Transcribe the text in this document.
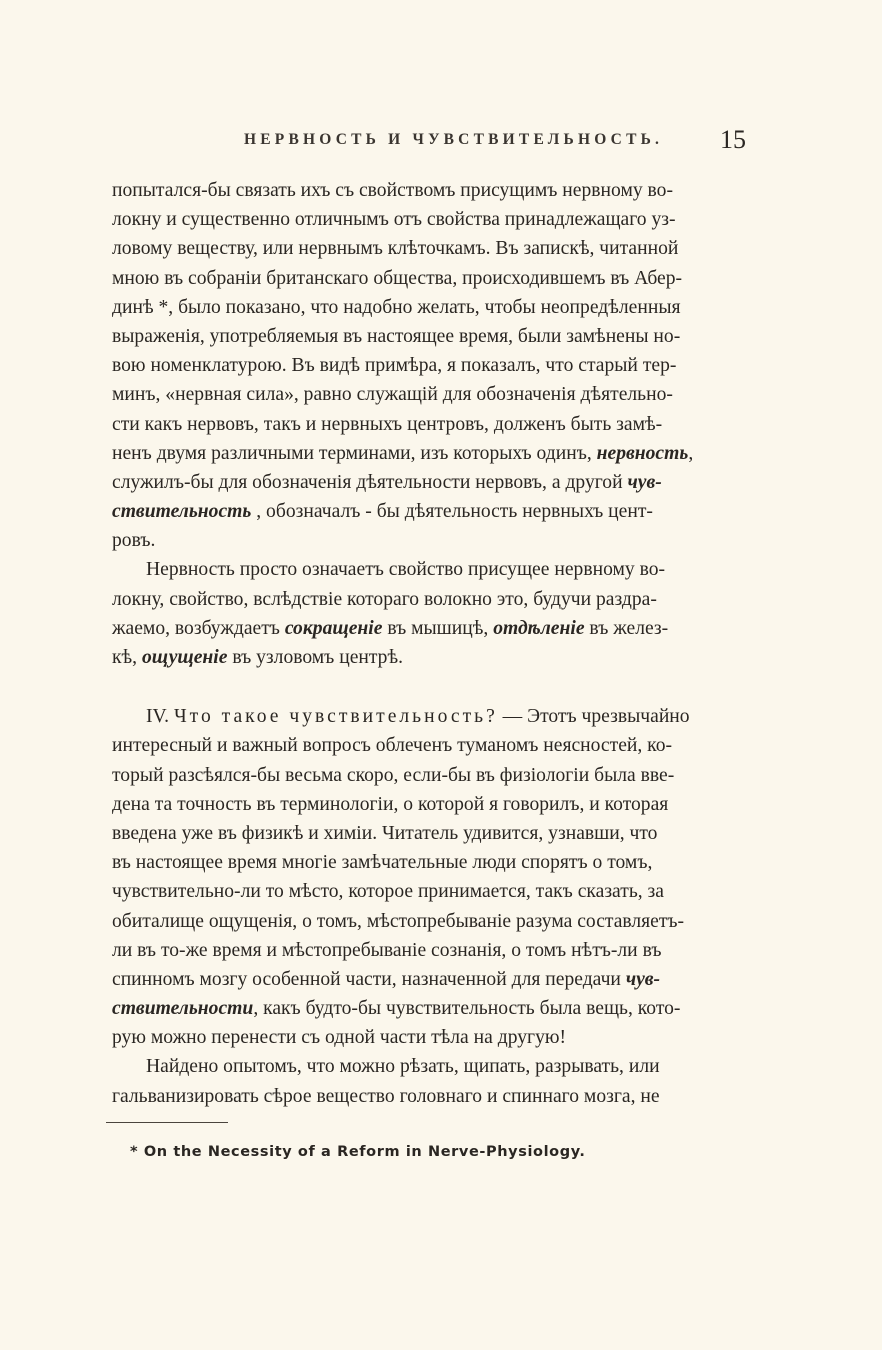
НЕРВНОСТЬ И ЧУВСТВИТЕЛЬНОСТЬ. 15
попытался-бы связать ихъ съ свойствомъ присущимъ нервному во-
локну и существенно отличнымъ отъ свойства принадлежащаго уз-
ловому веществу, или нервнымъ клѣточкамъ. Въ запискѣ, читанной
мною въ собраніи британскаго общества, происходившемъ въ Абер-
динѣ *, было показано, что надобно желать, чтобы неопредѣленныя
выраженія, употребляемыя въ настоящее время, были замѣнены но-
вою номенклатурою. Въ видѣ примѣра, я показалъ, что старый тер-
минъ, «нервная сила», равно служащій для обозначенія дѣятельно-
сти какъ нервовъ, такъ и нервныхъ центровъ, долженъ быть замѣ-
ненъ двумя различными терминами, изъ которыхъ одинъ, нервность,
служилъ-бы для обозначенія дѣятельности нервовъ, а другой чув-
ствительность , обозначалъ - бы дѣятельность нервныхъ цент-
ровъ.
Нервность просто означаетъ свойство присущее нервному во-
локну, свойство, вслѣдствіе котораго волокно это, будучи раздра-
жаемо, возбуждаетъ сокращеніе въ мышицѣ, отдѣленіе въ желез-
кѣ, ощущеніе въ узловомъ центрѣ.
IV. Что такое чувствительность? — Этотъ чрезвычайно
интересный и важный вопросъ облеченъ туманомъ неясностей, ко-
торый разсѣялся-бы весьма скоро, если-бы въ физіологіи была вве-
дена та точность въ терминологіи, о которой я говорилъ, и которая
введена уже въ физикѣ и химіи. Читатель удивится, узнавши, что
въ настоящее время многіе замѣчательные люди спорятъ о томъ,
чувствительно-ли то мѣсто, которое принимается, такъ сказать, за
обиталище ощущенія, о томъ, мѣстопребываніе разума составляетъ-
ли въ то-же время и мѣстопребываніе сознанія, о томъ нѣтъ-ли въ
спинномъ мозгу особенной части, назначенной для передачи чув-
ствительности, какъ будто-бы чувствительность была вещь, кото-
рую можно перенести съ одной части тѣла на другую!
Найдено опытомъ, что можно рѣзать, щипать, разрывать, или
гальванизировать сѣрое вещество головнаго и спиннаго мозга, не
* On the Necessity of a Reform in Nerve-Physiology.
